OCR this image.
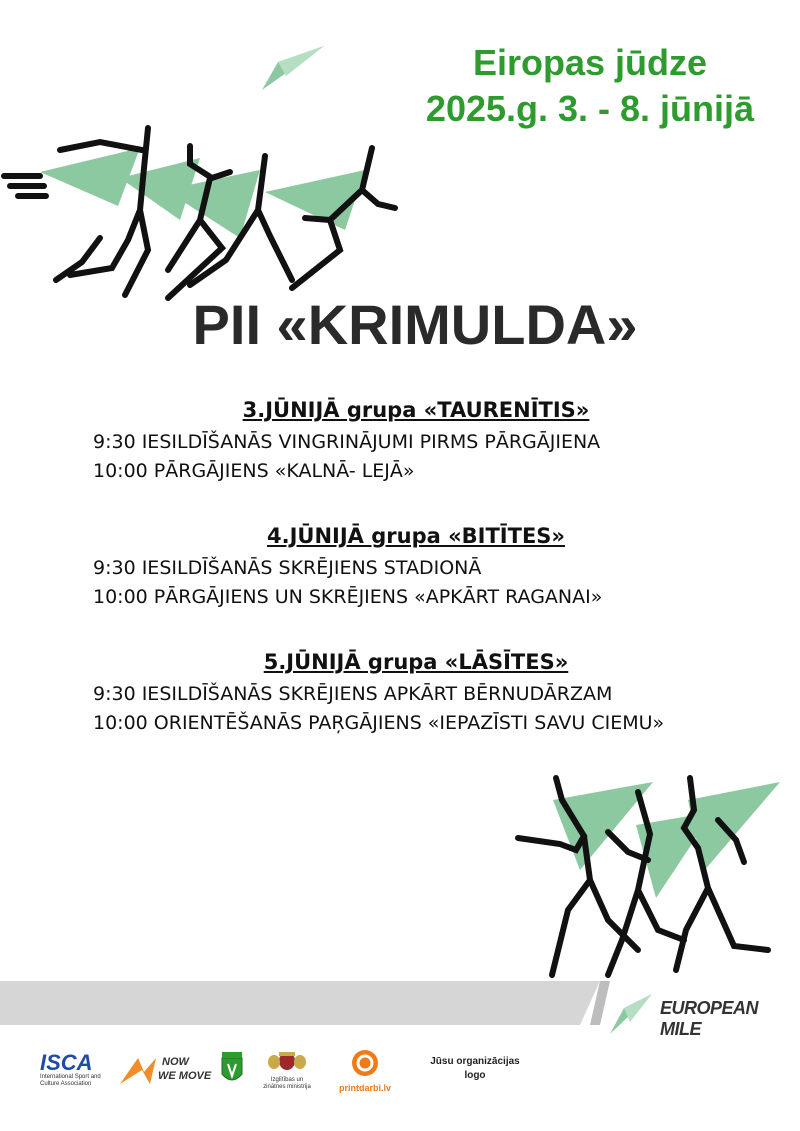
Eiropas jūdze
2025.g. 3. - 8. jūnijā
PII «KRIMULDA»
3.JŪNIJĀ grupa «TAURENĪTIS»
9:30 IESILDĪŠANĀS VINGRINĀJUMI PIRMS PĀRGĀJIENA
10:00 PĀRGĀJIENS «KALNĀ- LEJĀ»
4.JŪNIJĀ grupa «BITĪTES»
9:30 IESILDĪŠANĀS SKRĒJIENS STADIONĀ
10:00 PĀRGĀJIENS UN SKRĒJIENS «APKĀRT RAGANAI»
5.JŪNIJĀ grupa «LĀSĪTES»
9:30 IESILDĪŠANĀS SKRĒJIENS APKĀRT BĒRNUDĀRZAM
10:00 ORIENTĒŠANĀS PAŖGĀJIENS «IEPAZĪSTI SAVU CIEMU»
EUROPEAN MILE
ISCA
International Sport and Culture Association
NOW
WE MOVE	Izglītības un zinātnes ministrija	printdarbi.lv
Jūsu organizācijas
logo
